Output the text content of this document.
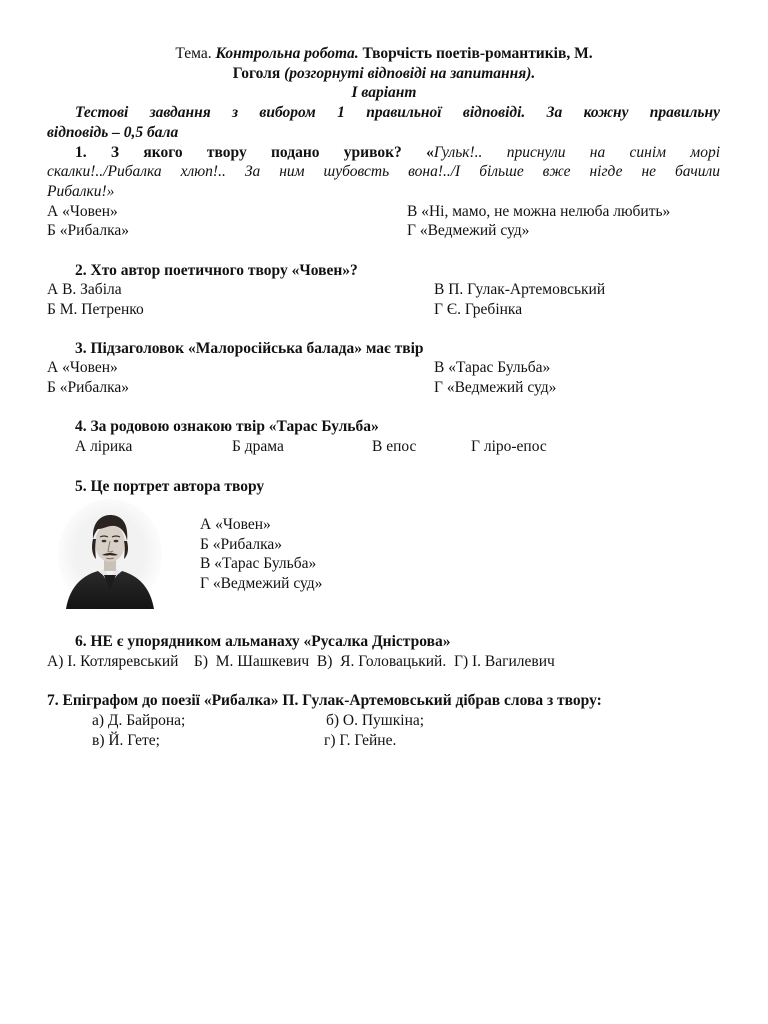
Тема. Контрольна робота. Творчість поетів-романтиків, М.
Гоголя (розгорнуті відповіді на запитання).
І варіант
Тестові завдання з вибором 1 правильної відповіді. За кожну правильну
відповідь – 0,5 бала
1. З якого твору подано уривок? «Гульк!.. приснули на синім морі
скалки!../Рибалка хлюп!.. За ним шубовсть вона!../І більше вже нігде не бачили
Рибалки!»
А «Човен»	В «Ні, мамо, не можна нелюба любить»
Б «Рибалка»	Г «Ведмежий суд»
2. Хто автор поетичного твору «Човен»?
А В. Забіла	В П. Гулак-Артемовський
Б М. Петренко	Г Є. Гребінка
3. Підзаголовок «Малоросійська балада» має твір
А «Човен»	В «Тарас Бульба»
Б «Рибалка»	Г «Ведмежий суд»
4. За родовою ознакою твір «Тарас Бульба»
А лірика	Б драма	В епос	Г ліро-епос
5. Це портрет автора твору
А «Човен»
Б «Рибалка»
В «Тарас Бульба»
Г «Ведмежий суд»
6. НЕ є упорядником альманаху «Русалка Дністрова»
А) І. Котляревський    Б)  М. Шашкевич  В)  Я. Головацький.  Г) І. Вагилевич
7. Епіграфом до поезії «Рибалка» П. Гулак-Артемовський дібрав слова з твору:
а) Д. Байрона;	б) О. Пушкіна;
в) Й. Гете;	г) Г. Гейне.
